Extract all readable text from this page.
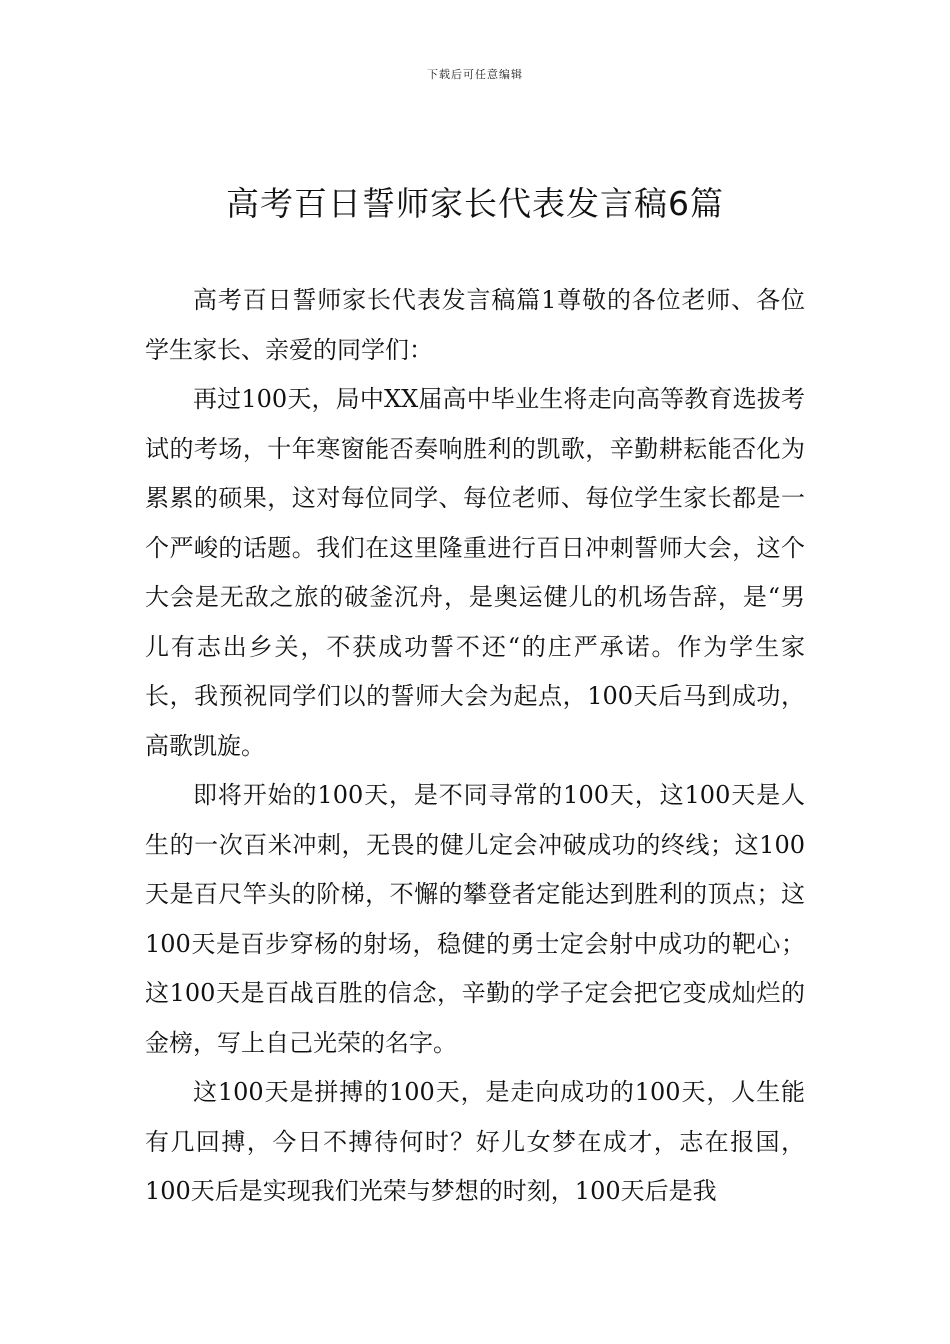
下载后可任意编辑
高考百日誓师家长代表发言稿6篇

高考百日誓师家长代表发言稿篇1尊敬的各位老师、各位学生家长、亲爱的同学们：

再过100天，局中XX届高中毕业生将走向高等教育选拔考试的考场，十年寒窗能否奏响胜利的凯歌，辛勤耕耘能否化为累累的硕果，这对每位同学、每位老师、每位学生家长都是一个严峻的话题。我们在这里隆重进行百日冲刺誓师大会，这个大会是无敌之旅的破釜沉舟，是奥运健儿的机场告辞，是“男儿有志出乡关，不获成功誓不还“的庄严承诺。作为学生家长，我预祝同学们以的誓师大会为起点，100天后马到成功，高歌凯旋。

即将开始的100天，是不同寻常的100天，这100天是人生的一次百米冲刺，无畏的健儿定会冲破成功的终线；这100天是百尺竿头的阶梯，不懈的攀登者定能达到胜利的顶点；这100天是百步穿杨的射场，稳健的勇士定会射中成功的靶心；这100天是百战百胜的信念，辛勤的学子定会把它变成灿烂的金榜，写上自己光荣的名字。

这100天是拼搏的100天，是走向成功的100天，人生能有几回搏，今日不搏待何时？好儿女梦在成才，志在报国，100天后是实现我们光荣与梦想的时刻，100天后是我
